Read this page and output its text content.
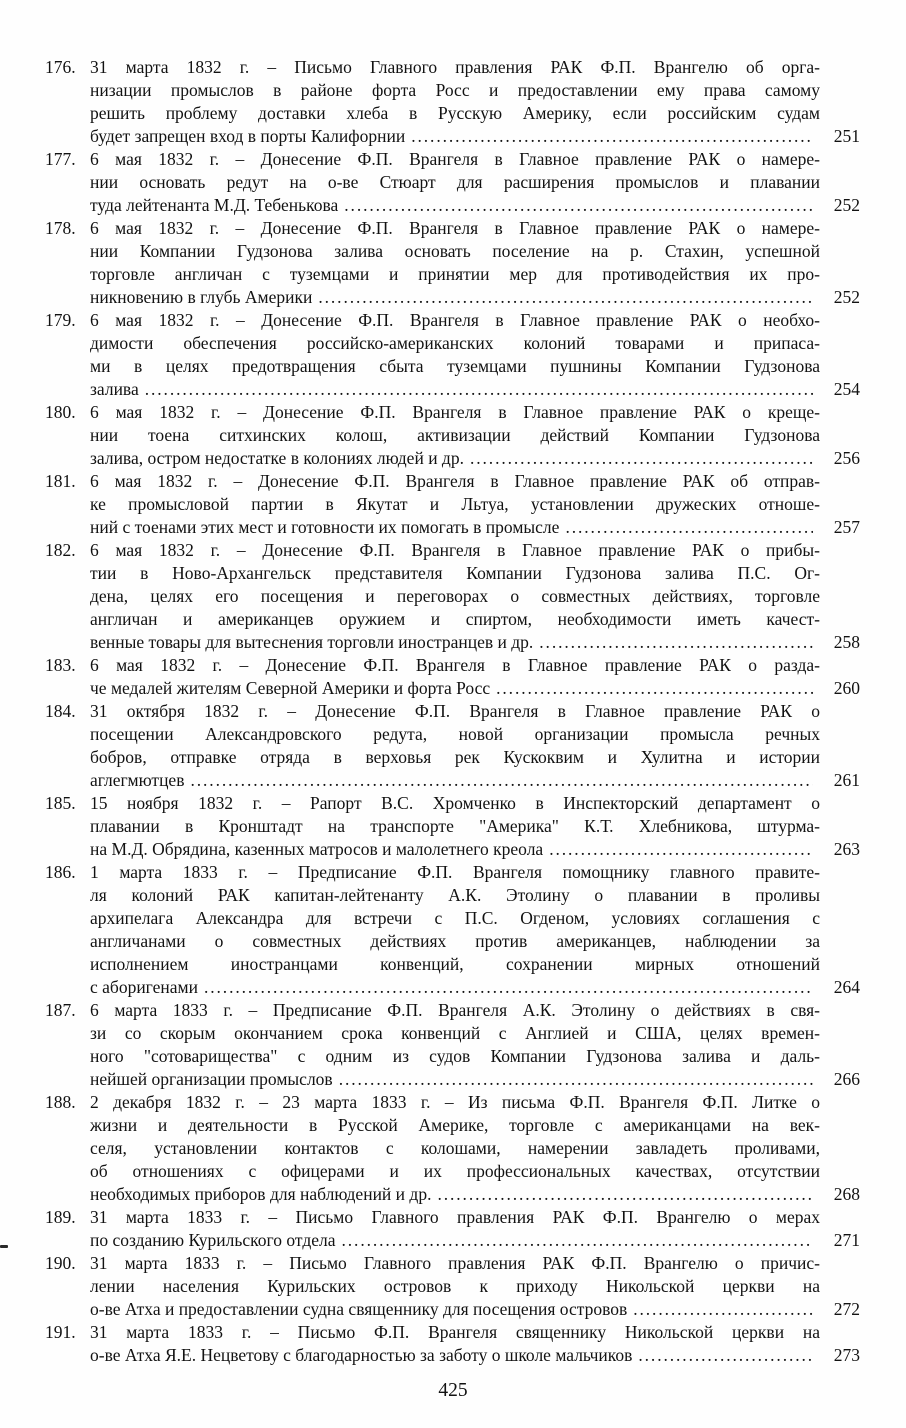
176. 31 марта 1832 г. – Письмо Главного правления РАК Ф.П. Врангелю об орга-
низации промыслов в районе форта Росс и предоставлении ему права самому
решить проблему доставки хлеба в Русскую Америку, если российским судам
будет запрещен вход в порты Калифорнии .....	251
177. 6 мая 1832 г. – Донесение Ф.П. Врангеля в Главное правление РАК о намере-
нии основать редут на о-ве Стюарт для расширения промыслов и плавании
туда лейтенанта М.Д. Тебенькова .....	252
178. 6 мая 1832 г. – Донесение Ф.П. Врангеля в Главное правление РАК о намере-
нии Компании Гудзонова залива основать поселение на р. Стахин, успешной
торговле англичан с туземцами и принятии мер для противодействия их про-
никновению в глубь Америки .....	252
179. 6 мая 1832 г. – Донесение Ф.П. Врангеля в Главное правление РАК о необхо-
димости обеспечения российско-американских колоний товарами и припаса-
ми в целях предотвращения сбыта туземцами пушнины Компании Гудзонова
залива .....	254
180. 6 мая 1832 г. – Донесение Ф.П. Врангеля в Главное правление РАК о креще-
нии тоена ситхинских колош, активизации действий Компании Гудзонова
залива, остром недостатке в колониях людей и др. .....	256
181. 6 мая 1832 г. – Донесение Ф.П. Врангеля в Главное правление РАК об отправ-
ке промысловой партии в Якутат и Льтуа, установлении дружеских отноше-
ний с тоенами этих мест и готовности их помогать в промысле .....	257
182. 6 мая 1832 г. – Донесение Ф.П. Врангеля в Главное правление РАК о прибы-
тии в Ново-Архангельск представителя Компании Гудзонова залива П.С. Ог-
дена, целях его посещения и переговорах о совместных действиях, торговле
англичан и американцев оружием и спиртом, необходимости иметь качест-
венные товары для вытеснения торговли иностранцев и др. .....	258
183. 6 мая 1832 г. – Донесение Ф.П. Врангеля в Главное правление РАК о разда-
че медалей жителям Северной Америки и форта Росс .....	260
184. 31 октября 1832 г. – Донесение Ф.П. Врангеля в Главное правление РАК о
посещении Александровского редута, новой организации промысла речных
бобров, отправке отряда в верховья рек Кускоквим и Хулитна и истории
аглегмютцев .....	261
185. 15 ноября 1832 г. – Рапорт В.С. Хромченко в Инспекторский департамент о
плавании в Кронштадт на транспорте "Америка" К.Т. Хлебникова, штурма-
на М.Д. Обрядина, казенных матросов и малолетнего креола .....	263
186. 1 марта 1833 г. – Предписание Ф.П. Врангеля помощнику главного правите-
ля колоний РАК капитан-лейтенанту А.К. Этолину о плавании в проливы
архипелага Александра для встречи с П.С. Огденом, условиях соглашения с
англичанами о совместных действиях против американцев, наблюдении за
исполнением иностранцами конвенций, сохранении мирных отношений
с аборигенами .....	264
187. 6 марта 1833 г. – Предписание Ф.П. Врангеля А.К. Этолину о действиях в свя-
зи со скорым окончанием срока конвенций с Англией и США, целях времен-
ного "сотоварищества" с одним из судов Компании Гудзонова залива и даль-
нейшей организации промыслов .....	266
188. 2 декабря 1832 г. – 23 марта 1833 г. – Из письма Ф.П. Врангеля Ф.П. Литке о
жизни и деятельности в Русской Америке, торговле с американцами на век-
селя, установлении контактов с колошами, намерении завладеть проливами,
об отношениях с офицерами и их профессиональных качествах, отсутствии
необходимых приборов для наблюдений и др. .....	268
189. 31 марта 1833 г. – Письмо Главного правления РАК Ф.П. Врангелю о мерах
по созданию Курильского отдела .....	271
190. 31 марта 1833 г. – Письмо Главного правления РАК Ф.П. Врангелю о причис-
лении населения Курильских островов к приходу Никольской церкви на
о-ве Атха и предоставлении судна священнику для посещения островов .....	272
191. 31 марта 1833 г. – Письмо Ф.П. Врангеля священнику Никольской церкви на
о-ве Атха Я.Е. Нецветову с благодарностью за заботу о школе мальчиков .....	273
425
